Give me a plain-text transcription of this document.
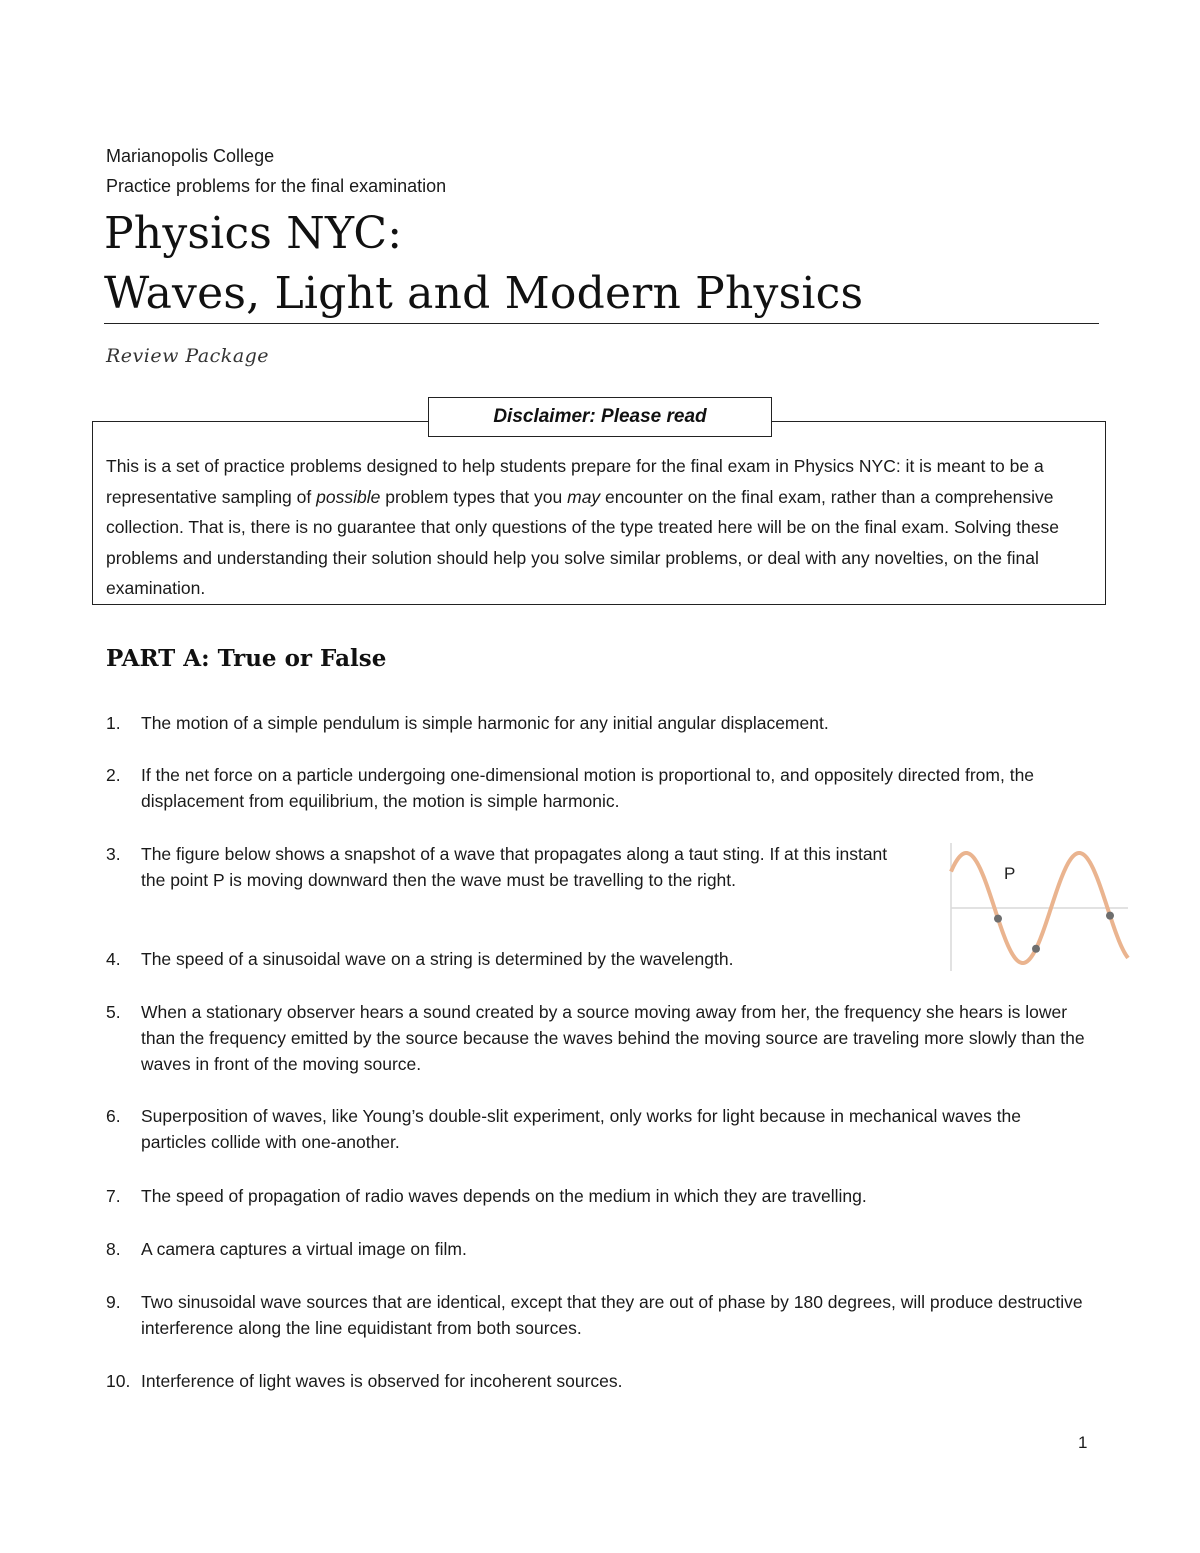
Marianopolis College
Practice problems for the final examination
Physics NYC:
Waves, Light and Modern Physics
Review Package
Disclaimer: Please read
This is a set of practice problems designed to help students prepare for the final exam in Physics NYC: it is meant to be a representative sampling of possible problem types that you may encounter on the final exam, rather than a comprehensive collection. That is, there is no guarantee that only questions of the type treated here will be on the final exam. Solving these problems and understanding their solution should help you solve similar problems, or deal with any novelties, on the final examination.
PART A: True or False
1.	The motion of a simple pendulum is simple harmonic for any initial angular displacement.
2.	If the net force on a particle undergoing one-dimensional motion is proportional to, and oppositely directed from, the displacement from equilibrium, the motion is simple harmonic.
3.	The figure below shows a snapshot of a wave that propagates along a taut sting. If at this instant the point P is moving downward then the wave must be travelling to the right.
4.	The speed of a sinusoidal wave on a string is determined by the wavelength.
5.	When a stationary observer hears a sound created by a source moving away from her, the frequency she hears is lower than the frequency emitted by the source because the waves behind the moving source are traveling more slowly than the waves in front of the moving source.
6.	Superposition of waves, like Young’s double-slit experiment, only works for light because in mechanical waves the particles collide with one-another.
7.	The speed of propagation of radio waves depends on the medium in which they are travelling.
8.	A camera captures a virtual image on film.
9.	Two sinusoidal wave sources that are identical, except that they are out of phase by 180 degrees, will produce destructive interference along the line equidistant from both sources.
10. Interference of light waves is observed for incoherent sources.
P
1
